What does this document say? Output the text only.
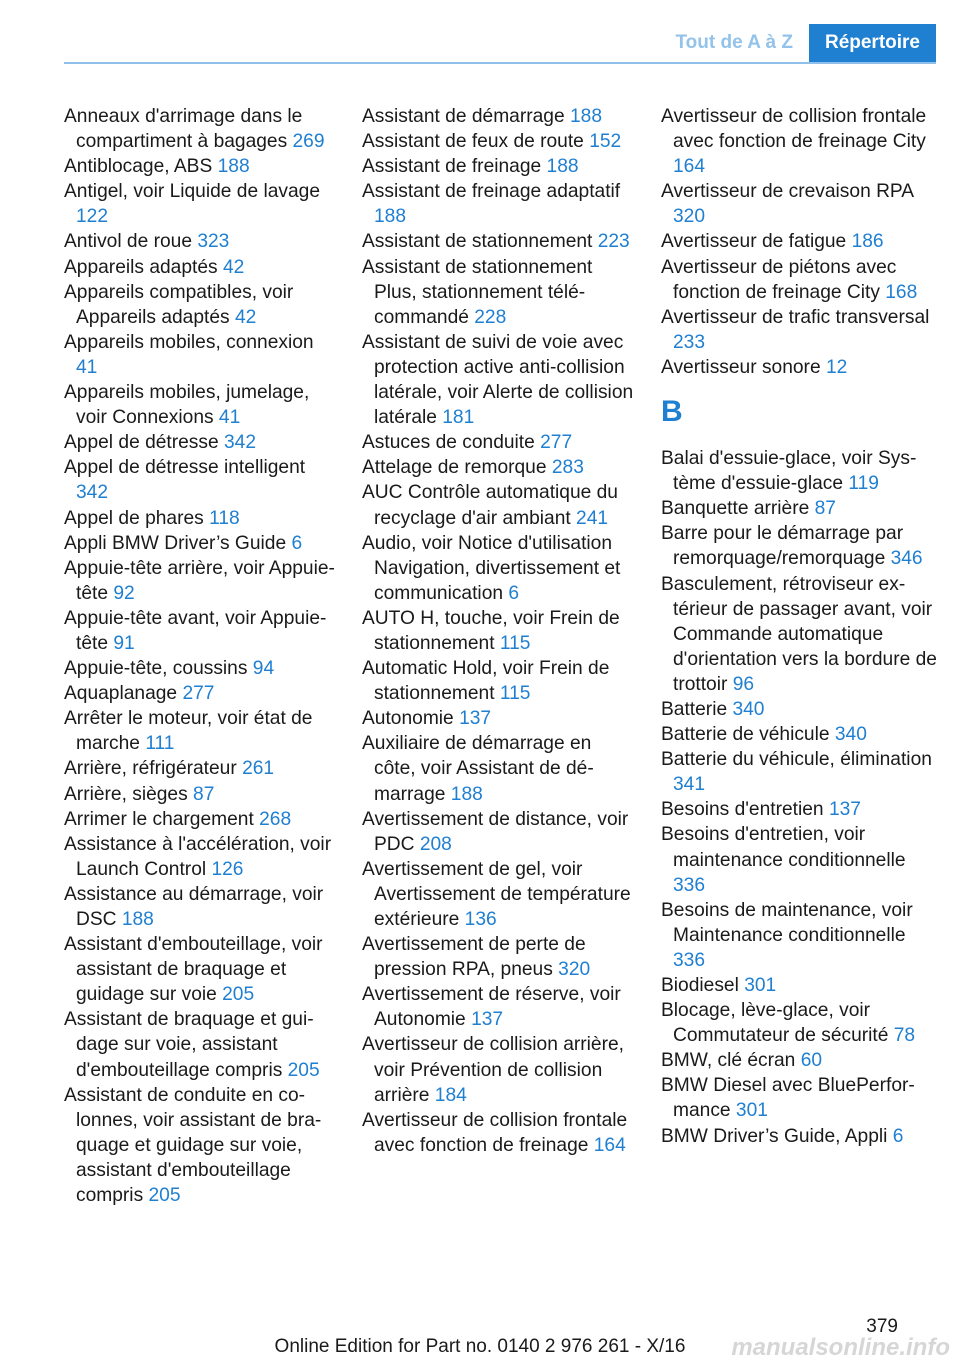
Tout de A à Z	Répertoire
Anneaux d'arrimage dans le compartiment à bagages 269
Antiblocage, ABS 188
Antigel, voir Liquide de lavage 122
Antivol de roue 323
Appareils adaptés 42
Appareils compatibles, voir Appareils adaptés 42
Appareils mobiles, connexion 41
Appareils mobiles, jumelage, voir Connexions 41
Appel de détresse 342
Appel de détresse intelligent 342
Appel de phares 118
Appli BMW Driver’s Guide 6
Appuie-tête arrière, voir Appuie-tête 92
Appuie-tête avant, voir Appuie-tête 91
Appuie-tête, coussins 94
Aquaplanage 277
Arrêter le moteur, voir état de marche 111
Arrière, réfrigérateur 261
Arrière, sièges 87
Arrimer le chargement 268
Assistance à l'accélération, voir Launch Control 126
Assistance au démarrage, voir DSC 188
Assistant d'embouteillage, voir assistant de braquage et guidage sur voie 205
Assistant de braquage et guidage sur voie, assistant d'embouteillage compris 205
Assistant de conduite en colonnes, voir assistant de braquage et guidage sur voie, assistant d'embouteillage compris 205
Assistant de démarrage 188
Assistant de feux de route 152
Assistant de freinage 188
Assistant de freinage adaptatif 188
Assistant de stationnement 223
Assistant de stationnement Plus, stationnement télécommandé 228
Assistant de suivi de voie avec protection active anti-collision latérale, voir Alerte de collision latérale 181
Astuces de conduite 277
Attelage de remorque 283
AUC Contrôle automatique du recyclage d'air ambiant 241
Audio, voir Notice d'utilisation Navigation, divertissement et communication 6
AUTO H, touche, voir Frein de stationnement 115
Automatic Hold, voir Frein de stationnement 115
Autonomie 137
Auxiliaire de démarrage en côte, voir Assistant de démarrage 188
Avertissement de distance, voir PDC 208
Avertissement de gel, voir Avertissement de température extérieure 136
Avertissement de perte de pression RPA, pneus 320
Avertissement de réserve, voir Autonomie 137
Avertisseur de collision arrière, voir Prévention de collision arrière 184
Avertisseur de collision frontale avec fonction de freinage 164
Avertisseur de collision frontale avec fonction de freinage City 164
Avertisseur de crevaison RPA 320
Avertisseur de fatigue 186
Avertisseur de piétons avec fonction de freinage City 168
Avertisseur de trafic transversal 233
Avertisseur sonore 12
B
Balai d'essuie-glace, voir Système d'essuie-glace 119
Banquette arrière 87
Barre pour le démarrage par remorquage/remorquage 346
Basculement, rétroviseur extérieur de passager avant, voir Commande automatique d'orientation vers la bordure de trottoir 96
Batterie 340
Batterie de véhicule 340
Batterie du véhicule, élimination 341
Besoins d'entretien 137
Besoins d'entretien, voir maintenance conditionnelle 336
Besoins de maintenance, voir Maintenance conditionnelle 336
Biodiesel 301
Blocage, lève-glace, voir Commutateur de sécurité 78
BMW, clé écran 60
BMW Diesel avec BluePerformance 301
BMW Driver’s Guide, Appli 6
379
Online Edition for Part no. 0140 2 976 261 - X/16	manualsonline.info
